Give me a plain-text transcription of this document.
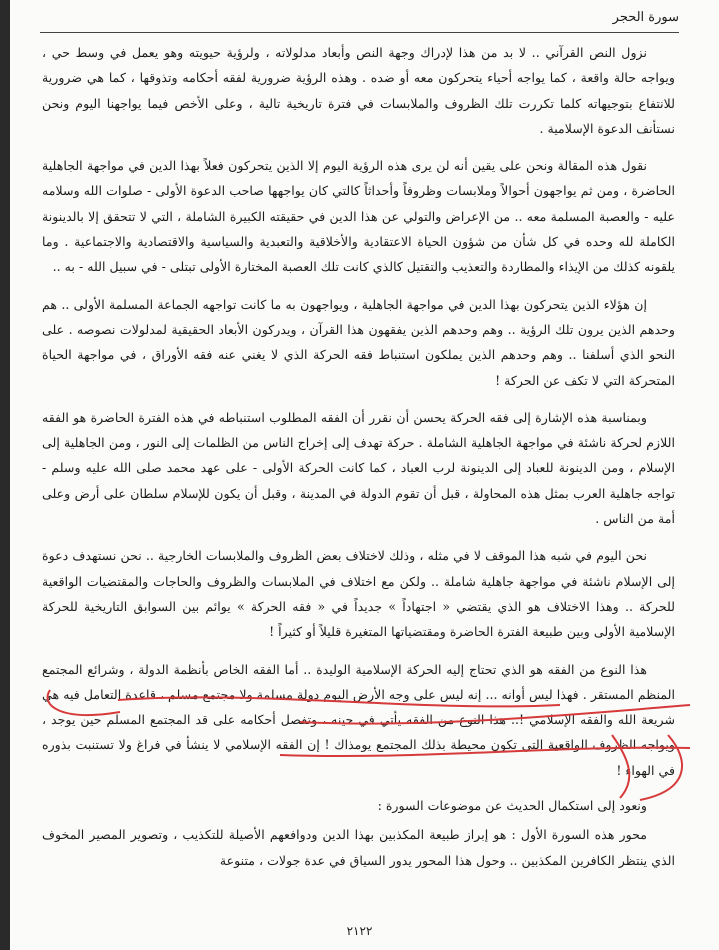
سورة الحجر

نزول النص القرآني .. لا بد من هذا لإدراك وجهة النص وأبعاد مدلولاته ، ولرؤية حيويته وهو يعمل في وسط حي ، ويواجه حالة واقعة ، كما يواجه أحياء يتحركون معه أو ضده . وهذه الرؤية ضرورية لفقه أحكامه وتذوقها ، كما هي ضرورية للانتفاع بتوجيهاته كلما تكررت تلك الظروف والملابسات في فترة تاريخية تالية ، وعلى الأخص فيما يواجهنا اليوم ونحن نستأنف الدعوة الإسلامية .

نقول هذه المقالة ونحن على يقين أنه لن يرى هذه الرؤية اليوم إلا الذين يتحركون فعلاً بهذا الدين في مواجهة الجاهلية الحاضرة ، ومن ثم يواجهون أحوالاً وملابسات وظروفاً وأحداثاً كالتي كان يواجهها صاحب الدعوة الأولى - صلوات الله وسلامه عليه - والعصبة المسلمة معه .. من الإعراض والتولي عن هذا الدين في حقيقته الكبيرة الشاملة ، التي لا تتحقق إلا بالدينونة الكاملة لله وحده في كل شأن من شؤون الحياة الاعتقادية والأخلاقية والتعبدية والسياسية والاقتصادية والاجتماعية . وما يلقونه كذلك من الإيذاء والمطاردة والتعذيب والتقتيل كالذي كانت تلك العصبة المختارة الأولى تبتلى - في سبيل الله - به ..

إن هؤلاء الذين يتحركون بهذا الدين في مواجهة الجاهلية ، ويواجهون به ما كانت تواجهه الجماعة المسلمة الأولى .. هم وحدهم الذين يرون تلك الرؤية .. وهم وحدهم الذين يفقهون هذا القرآن ، ويدركون الأبعاد الحقيقية لمدلولات نصوصه . على النحو الذي أسلفنا .. وهم وحدهم الذين يملكون استنباط فقه الحركة الذي لا يغني عنه فقه الأوراق ، في مواجهة الحياة المتحركة التي لا تكف عن الحركة !

وبمناسبة هذه الإشارة إلى فقه الحركة يحسن أن نقرر أن الفقه المطلوب استنباطه في هذه الفترة الحاضرة هو الفقه اللازم لحركة ناشئة في مواجهة الجاهلية الشاملة . حركة تهدف إلى إخراج الناس من الظلمات إلى النور ، ومن الجاهلية إلى الإسلام ، ومن الدينونة للعباد إلى الدينونة لرب العباد ، كما كانت الحركة الأولى - على عهد محمد صلى الله عليه وسلم - تواجه جاهلية العرب بمثل هذه المحاولة ، قبل أن تقوم الدولة في المدينة ، وقبل أن يكون للإسلام سلطان على أرض وعلى أمة من الناس .

نحن اليوم في شبه هذا الموقف لا في مثله ، وذلك لاختلاف بعض الظروف والملابسات الخارجية .. نحن نستهدف دعوة إلى الإسلام ناشئة في مواجهة جاهلية شاملة .. ولكن مع اختلاف في الملابسات والظروف والحاجات والمقتضيات الواقعية للحركة .. وهذا الاختلاف هو الذي يقتضي « اجتهاداً » جديداً في « فقه الحركة » يوائم بين السوابق التاريخية للحركة الإسلامية الأولى وبين طبيعة الفترة الحاضرة ومقتضياتها المتغيرة قليلاً أو كثيراً !

هذا النوع من الفقه هو الذي تحتاج إليه الحركة الإسلامية الوليدة .. أما الفقه الخاص بأنظمة الدولة ، وشرائع المجتمع المنظم المستقر . فهذا ليس أوانه ... إنه ليس على وجه الأرض اليوم دولة مسلمة ولا مجتمع مسلم ، قاعدة التعامل فيه هي شريعة الله والفقه الإسلامي !.. هذا النوع من الفقه يأتي في حينه ، وتفصل أحكامه على قد المجتمع المسلم حين يوجد ، ويواجه الظروف الواقعية التي تكون محيطة بذلك المجتمع يومذاك ! إن الفقه الإسلامي لا ينشأ في فراغ ولا تستنبت بذوره في الهواء !

ونعود إلى استكمال الحديث عن موضوعات السورة :

محور هذه السورة الأول : هو إبراز طبيعة المكذبين بهذا الدين ودوافعهم الأصيلة للتكذيب ، وتصوير المصير المخوف الذي ينتظر الكافرين المكذبين .. وحول هذا المحور يدور السياق في عدة جولات ، متنوعة

٢١٢٢
